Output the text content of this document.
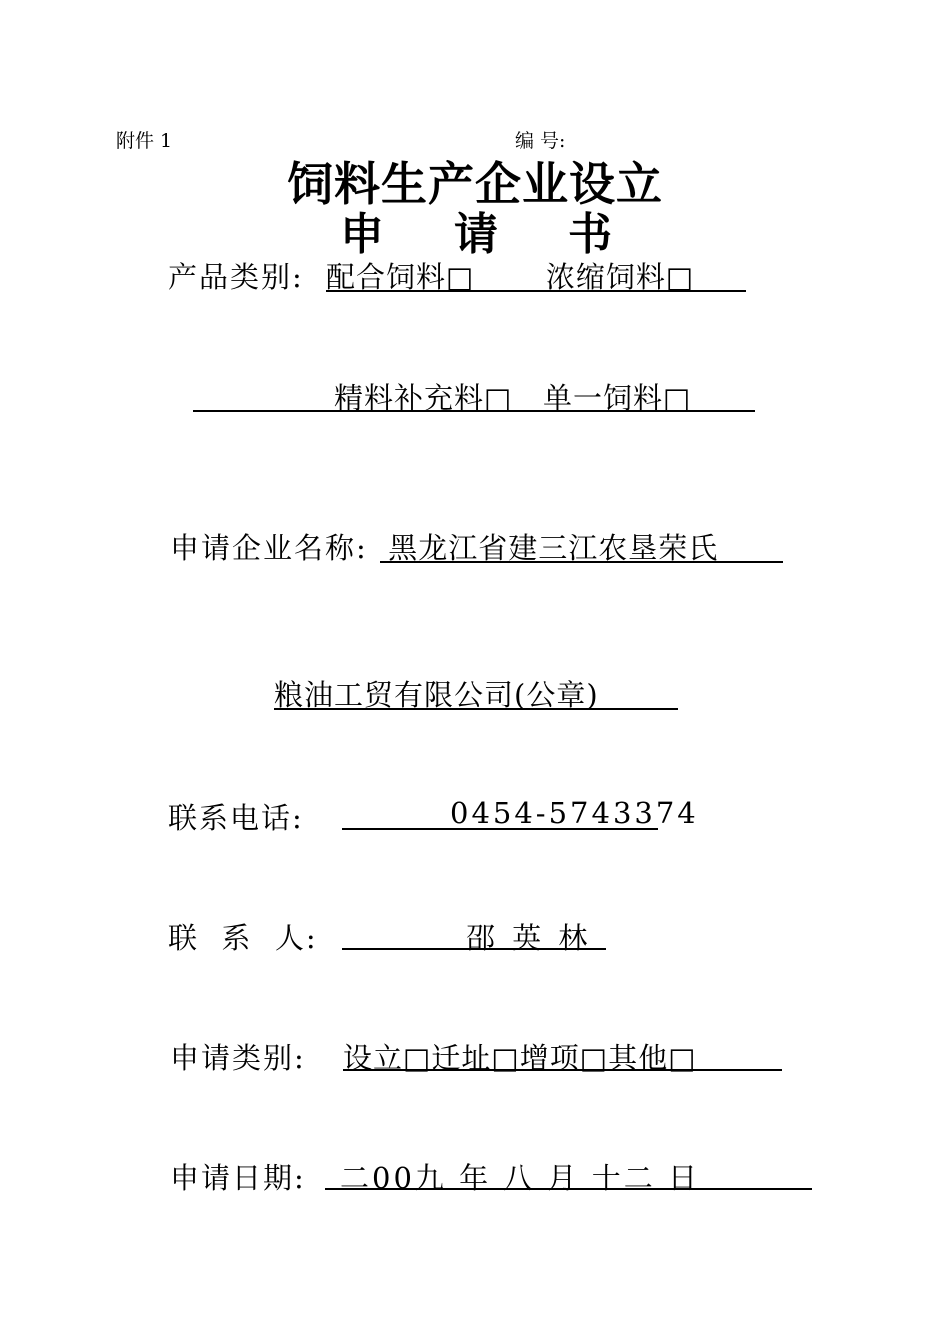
附件 1	编 号:
饲料生产企业设立
申 请 书
产品类别: 配合饲料□       浓缩饲料□
精料补充料□   单一饲料□
申请企业名称: 黑龙江省建三江农垦荣氏
粮油工贸有限公司(公章)
联系电话:	0454-5743374
联  系  人:	邵 英 林
申请类别: 设立□迁址□增项□其他□
申请日期: 二00九 年 八 月 十二 日
